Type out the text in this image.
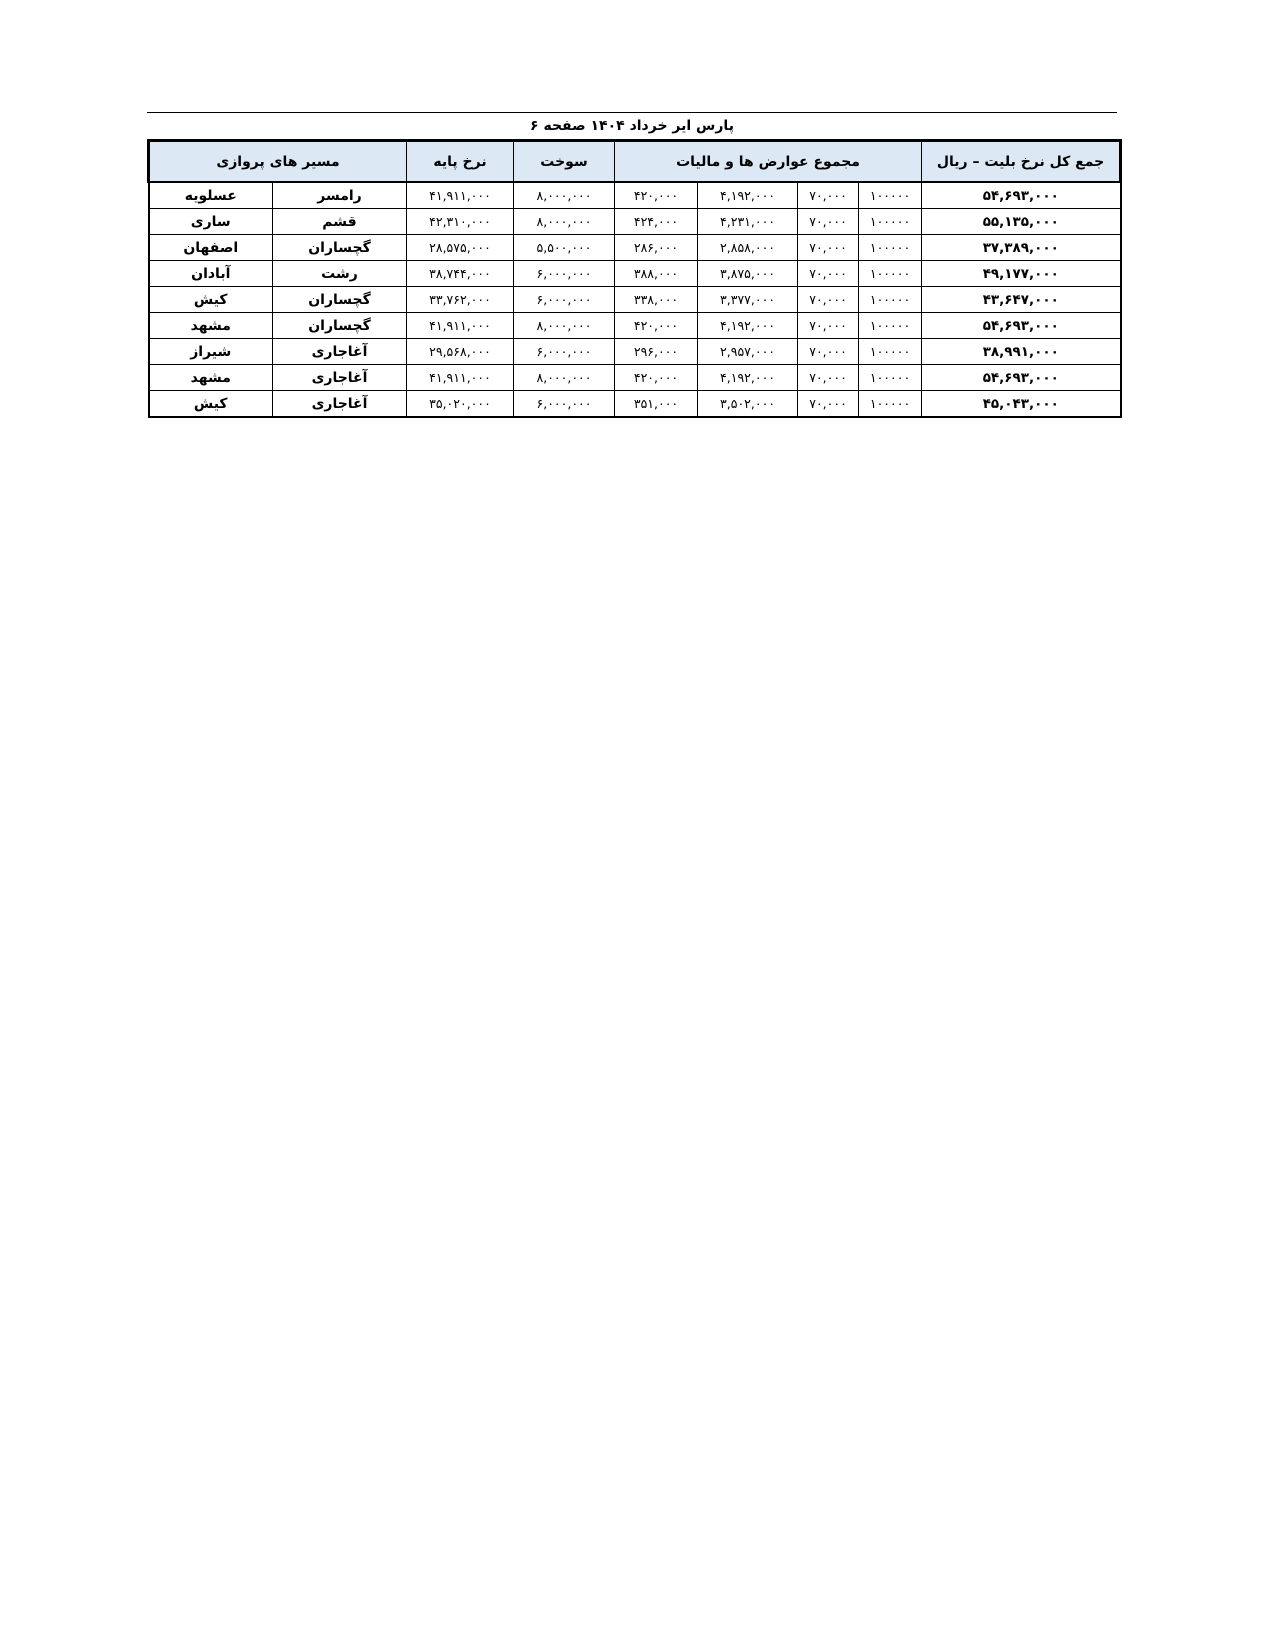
پارس ایر خرداد ۱۴۰۴ صفحه ۶
جمع کل نرخ بلیت – ریال	مجموع عوارض ها و مالیات				سوخت	نرخ پایه	مسیر های پروازی	
۵۴,۶۹۳,۰۰۰	۱۰۰۰۰۰	۷۰,۰۰۰	۴,۱۹۲,۰۰۰	۴۲۰,۰۰۰	۸,۰۰۰,۰۰۰	۴۱,۹۱۱,۰۰۰	رامسر	عسلویه
۵۵,۱۳۵,۰۰۰	۱۰۰۰۰۰	۷۰,۰۰۰	۴,۲۳۱,۰۰۰	۴۲۴,۰۰۰	۸,۰۰۰,۰۰۰	۴۲,۳۱۰,۰۰۰	قشم	ساری
۳۷,۳۸۹,۰۰۰	۱۰۰۰۰۰	۷۰,۰۰۰	۲,۸۵۸,۰۰۰	۲۸۶,۰۰۰	۵,۵۰۰,۰۰۰	۲۸,۵۷۵,۰۰۰	گچساران	اصفهان
۴۹,۱۷۷,۰۰۰	۱۰۰۰۰۰	۷۰,۰۰۰	۳,۸۷۵,۰۰۰	۳۸۸,۰۰۰	۶,۰۰۰,۰۰۰	۳۸,۷۴۴,۰۰۰	رشت	آبادان
۴۳,۶۴۷,۰۰۰	۱۰۰۰۰۰	۷۰,۰۰۰	۳,۳۷۷,۰۰۰	۳۳۸,۰۰۰	۶,۰۰۰,۰۰۰	۳۳,۷۶۲,۰۰۰	گچساران	کیش
۵۴,۶۹۳,۰۰۰	۱۰۰۰۰۰	۷۰,۰۰۰	۴,۱۹۲,۰۰۰	۴۲۰,۰۰۰	۸,۰۰۰,۰۰۰	۴۱,۹۱۱,۰۰۰	گچساران	مشهد
۳۸,۹۹۱,۰۰۰	۱۰۰۰۰۰	۷۰,۰۰۰	۲,۹۵۷,۰۰۰	۲۹۶,۰۰۰	۶,۰۰۰,۰۰۰	۲۹,۵۶۸,۰۰۰	آغاجاری	شیراز
۵۴,۶۹۳,۰۰۰	۱۰۰۰۰۰	۷۰,۰۰۰	۴,۱۹۲,۰۰۰	۴۲۰,۰۰۰	۸,۰۰۰,۰۰۰	۴۱,۹۱۱,۰۰۰	آغاجاری	مشهد
۴۵,۰۴۳,۰۰۰	۱۰۰۰۰۰	۷۰,۰۰۰	۳,۵۰۲,۰۰۰	۳۵۱,۰۰۰	۶,۰۰۰,۰۰۰	۳۵,۰۲۰,۰۰۰	آغاجاری	کیش
